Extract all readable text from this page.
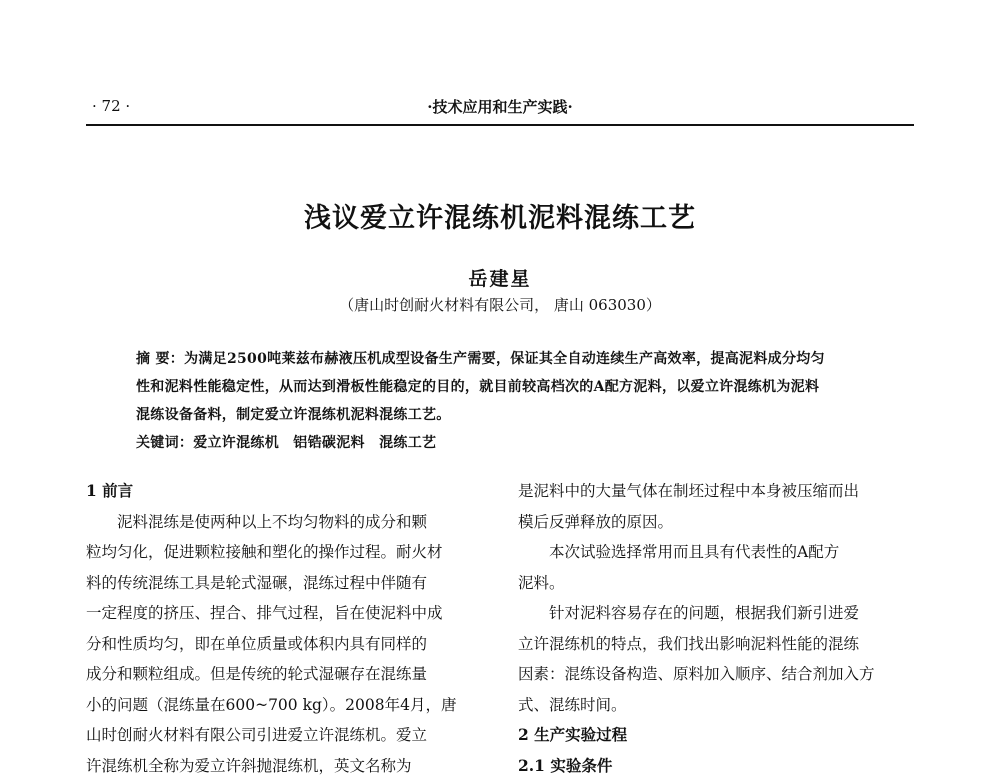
· 72 ·	·技术应用和生产实践·
浅议爱立许混练机泥料混练工艺
岳建星
（唐山时创耐火材料有限公司， 唐山 063030）
摘 要：为满足2500吨莱兹布赫液压机成型设备生产需要，保证其全自动连续生产高效率，提高泥料成分均匀
性和泥料性能稳定性，从而达到滑板性能稳定的目的，就目前较高档次的A配方泥料，以爱立许混练机为泥料
混练设备备料，制定爱立许混练机泥料混练工艺。
关键词：爱立许混练机　铝锆碳泥料　混练工艺
1 前言
泥料混练是使两种以上不均匀物料的成分和颗
粒均匀化，促进颗粒接触和塑化的操作过程。耐火材
料的传统混练工具是轮式湿碾，混练过程中伴随有
一定程度的挤压、捏合、排气过程，旨在使泥料中成
分和性质均匀，即在单位质量或体积内具有同样的
成分和颗粒组成。但是传统的轮式湿碾存在混练量
小的问题（混练量在600~700 kg）。2008年4月，唐
山时创耐火材料有限公司引进爱立许混练机。爱立
许混练机全称为爱立许斜抛混练机，英文名称为
是泥料中的大量气体在制坯过程中本身被压缩而出
模后反弹释放的原因。
本次试验选择常用而且具有代表性的A配方
泥料。
针对泥料容易存在的问题，根据我们新引进爱
立许混练机的特点，我们找出影响泥料性能的混练
因素：混练设备构造、原料加入顺序、结合剂加入方
式、混练时间。
2 生产实验过程
2.1 实验条件
